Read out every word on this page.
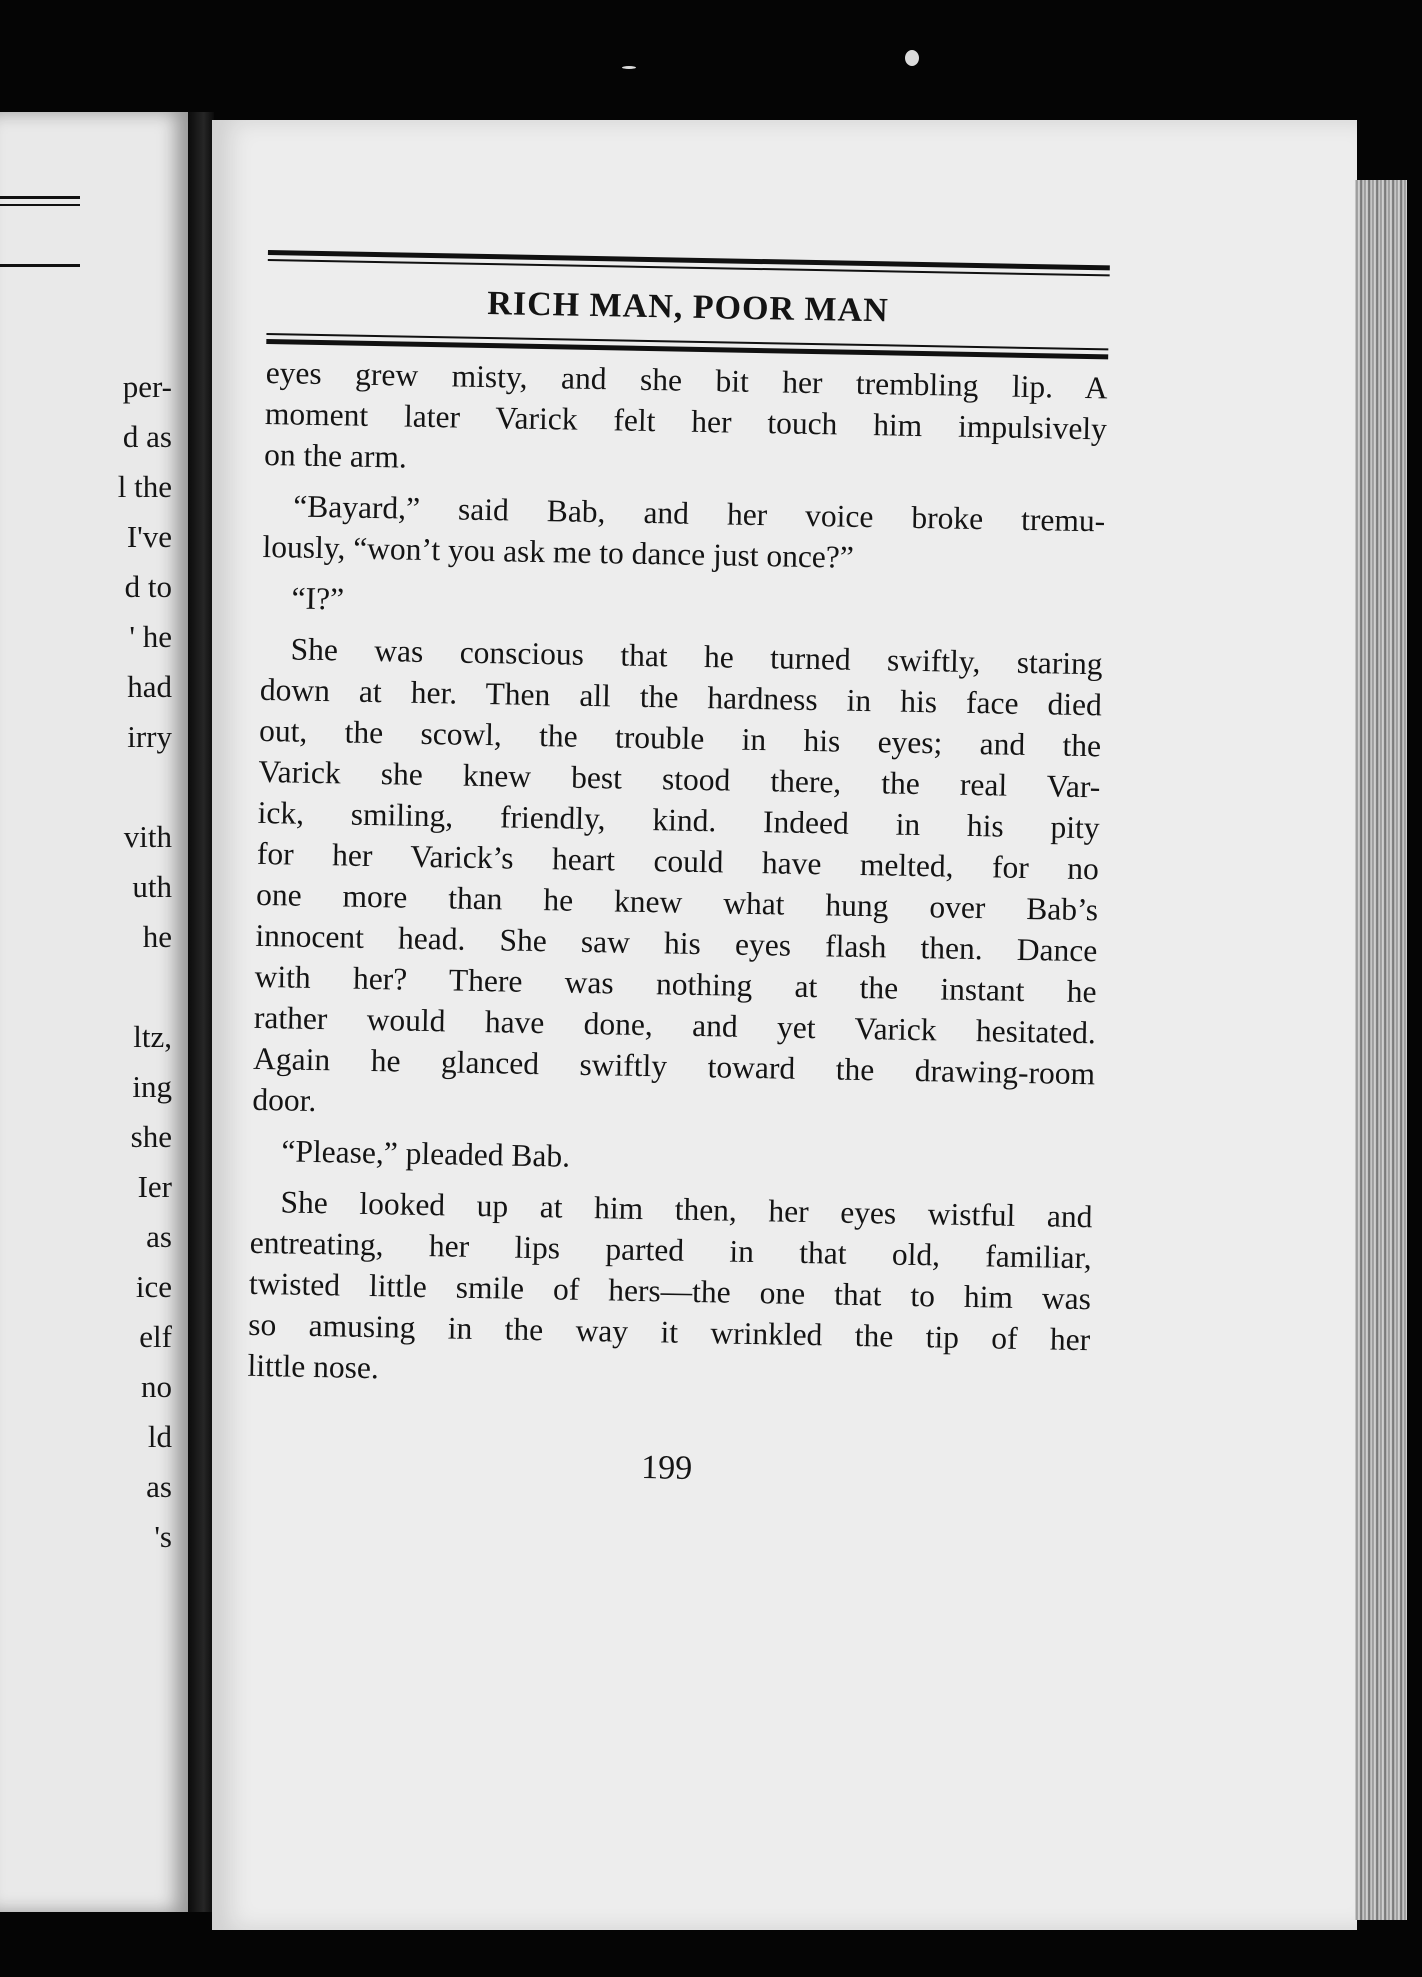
per-
d as
l the
I've
d to
' he
had
irry

vith
uth
he

ltz,
ing
she
Ier
as
ice
elf
no
ld
as
's
RICH MAN, POOR MAN
eyes grew misty, and she bit her trembling lip. A
moment later Varick felt her touch him impulsively
on the arm.
“Bayard,” said Bab, and her voice broke tremu-
lously, “won’t you ask me to dance just once?”
“I?”
She was conscious that he turned swiftly, staring
down at her. Then all the hardness in his face died
out, the scowl, the trouble in his eyes; and the
Varick she knew best stood there, the real Var-
ick, smiling, friendly, kind. Indeed in his pity
for her Varick’s heart could have melted, for no
one more than he knew what hung over Bab’s
innocent head. She saw his eyes flash then. Dance
with her? There was nothing at the instant he
rather would have done, and yet Varick hesitated.
Again he glanced swiftly toward the drawing-room
door.
“Please,” pleaded Bab.
She looked up at him then, her eyes wistful and
entreating, her lips parted in that old, familiar,
twisted little smile of hers—the one that to him was
so amusing in the way it wrinkled the tip of her
little nose.
199
